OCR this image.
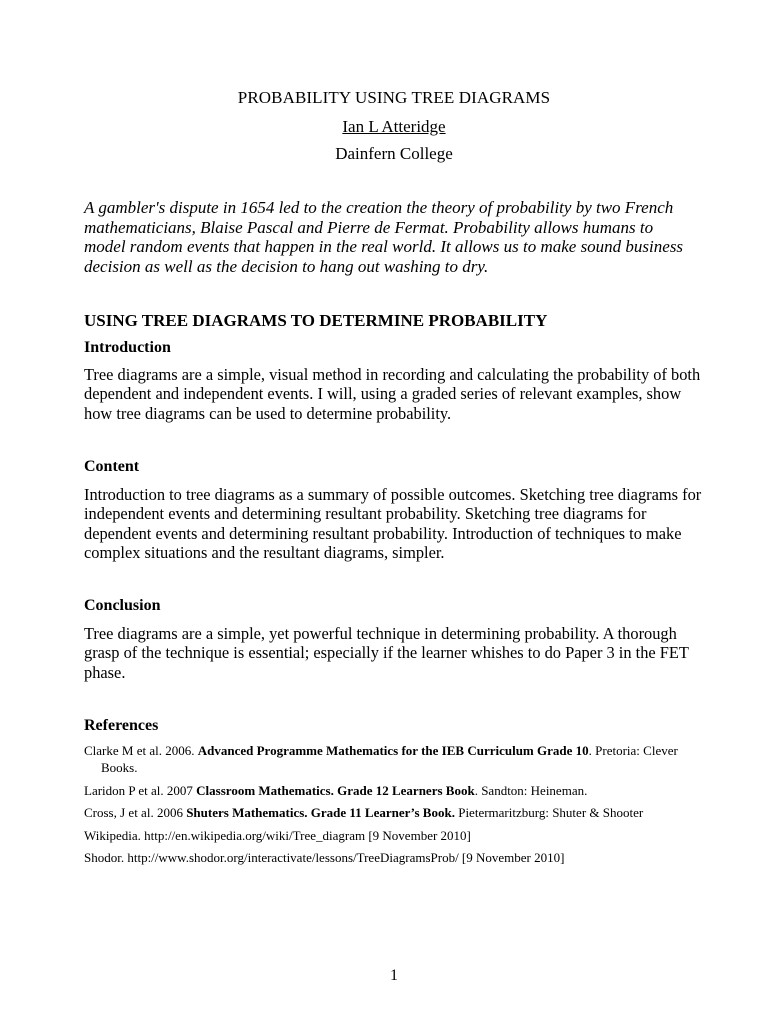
PROBABILITY USING TREE DIAGRAMS
Ian L Atteridge
Dainfern College
A gambler's dispute in 1654 led to the creation the theory of probability by two French mathematicians, Blaise Pascal and Pierre de Fermat. Probability allows humans to model random events that happen in the real world. It allows us to make sound business decision as well as the decision to hang out washing to dry.
USING TREE DIAGRAMS TO DETERMINE PROBABILITY
Introduction
Tree diagrams are a simple, visual method in recording and calculating the probability of both dependent and independent events. I will, using a graded series of relevant examples, show how tree diagrams can be used to determine probability.
Content
Introduction to tree diagrams as a summary of possible outcomes. Sketching tree diagrams for independent events and determining resultant probability. Sketching tree diagrams for dependent events and determining resultant probability. Introduction of techniques to make complex situations and the resultant diagrams, simpler.
Conclusion
Tree diagrams are a simple, yet powerful technique in determining probability. A thorough grasp of the technique is essential; especially if the learner whishes to do Paper 3 in the FET phase.
References
Clarke M et al. 2006. Advanced Programme Mathematics for the IEB Curriculum Grade 10. Pretoria: Clever Books.
Laridon P et al. 2007 Classroom Mathematics. Grade 12 Learners Book. Sandton: Heineman.
Cross, J et al. 2006 Shuters Mathematics. Grade 11 Learner’s Book. Pietermaritzburg: Shuter & Shooter
Wikipedia. http://en.wikipedia.org/wiki/Tree_diagram [9 November 2010]
Shodor. http://www.shodor.org/interactivate/lessons/TreeDiagramsProb/ [9 November 2010]
1
